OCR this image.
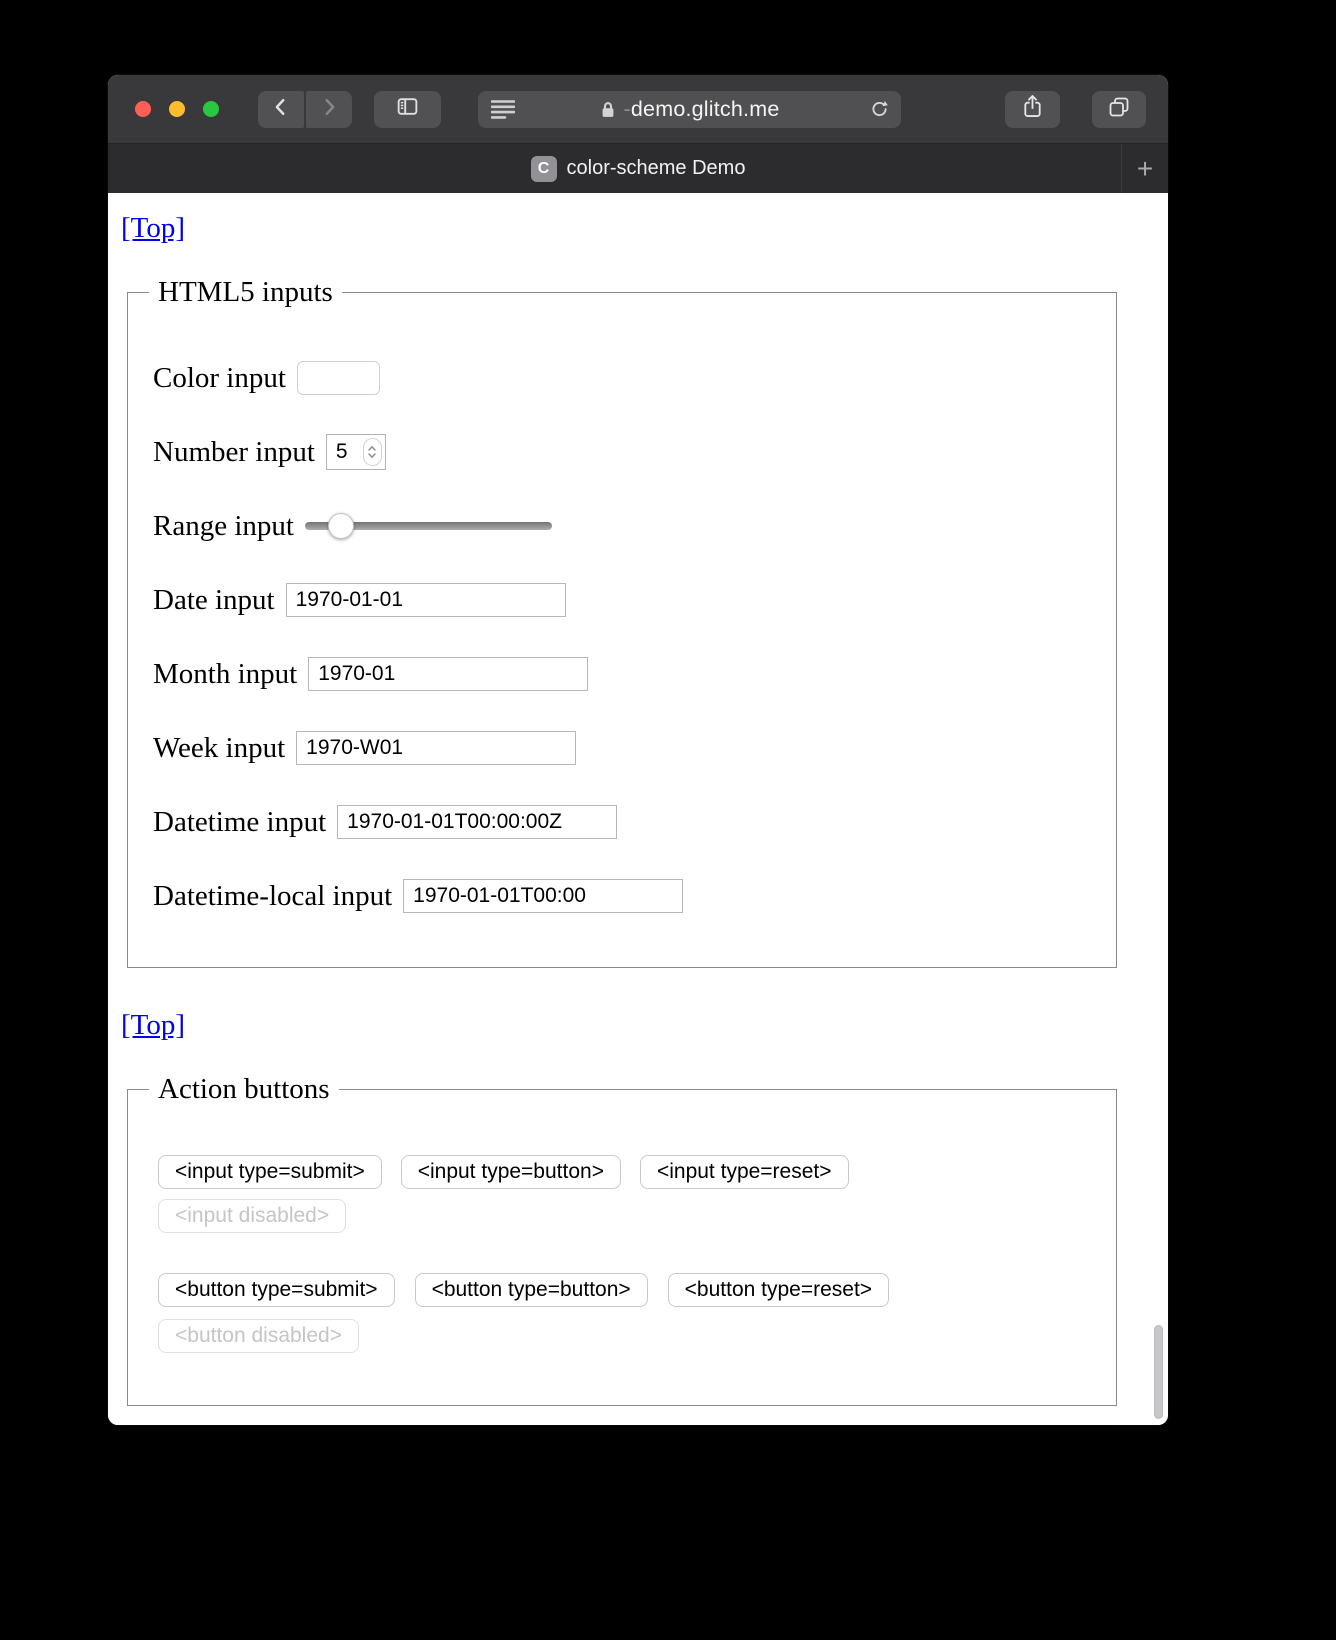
-demo.glitch.me
C color-scheme Demo	+
[Top]
HTML5 inputs
Color input
Number input	5
Range input
Date input	1970-01-01
Month input	1970-01
Week input	1970-W01
Datetime input	1970-01-01T00:00:00Z
Datetime-local input	1970-01-01T00:00
[Top]
Action buttons
<input type=submit>	<input type=button>	<input type=reset>
<input disabled>
<button type=submit>	<button type=button>	<button type=reset>
<button disabled>
